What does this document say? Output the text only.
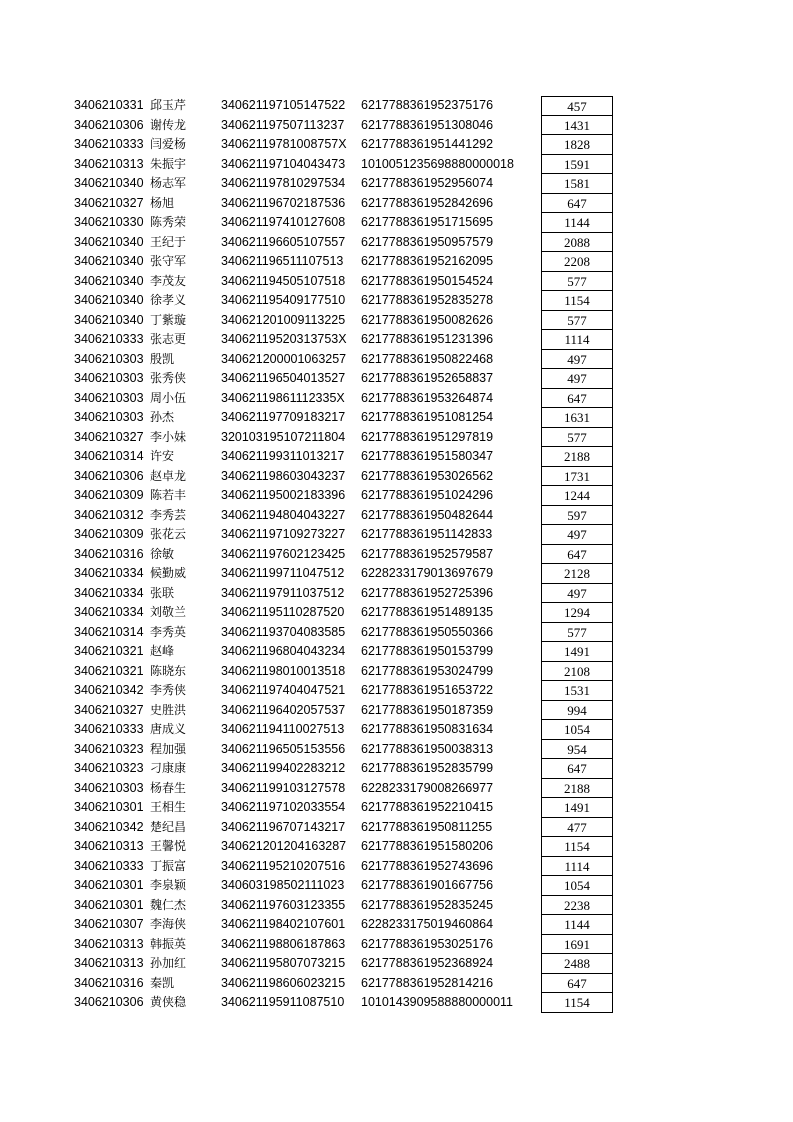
3406210331 邱玉芹	340621197105147522 6217788361952375176	457
3406210306 谢传龙	340621197507113237 6217788361951308046	1431
3406210333 闫爱杨	34062119781008757X 6217788361951441292	1828
3406210313 朱振宇	340621197104043473 1010051235698880000018	1591
3406210340 杨志军	340621197810297534 6217788361952956074	1581
3406210327 杨旭	340621196702187536 6217788361952842696	647
3406210330 陈秀荣	340621197410127608 6217788361951715695	1144
3406210340 王纪于	340621196605107557 6217788361950957579	2088
3406210340 张守军	340621196511107513 6217788361952162095	2208
3406210340 李茂友	340621194505107518 6217788361950154524	577
3406210340 徐孝义	340621195409177510 6217788361952835278	1154
3406210340 丁紫璇	340621201009113225 6217788361950082626	577
3406210333 张志更	34062119520313753X 6217788361951231396	1114
3406210303 殷凯	340621200001063257 6217788361950822468	497
3406210303 张秀侠	340621196504013527 6217788361952658837	497
3406210303 周小伍	34062119861112335X 6217788361953264874	647
3406210303 孙杰	340621197709183217 6217788361951081254	1631
3406210327 李小妹	320103195107211804 6217788361951297819	577
3406210314 许安	340621199311013217 6217788361951580347	2188
3406210306 赵卓龙	340621198603043237 6217788361953026562	1731
3406210309 陈若丰	340621195002183396 6217788361951024296	1244
3406210312 李秀芸	340621194804043227 6217788361950482644	597
3406210309 张花云	340621197109273227 6217788361951142833	497
3406210316 徐敏	340621197602123425 6217788361952579587	647
3406210334 候勤威	340621199711047512 6228233179013697679	2128
3406210334 张联	340621197911037512 6217788361952725396	497
3406210334 刘敬兰	340621195110287520 6217788361951489135	1294
3406210314 李秀英	340621193704083585 6217788361950550366	577
3406210321 赵峰	340621196804043234 6217788361950153799	1491
3406210321 陈晓东	340621198010013518 6217788361953024799	2108
3406210342 李秀侠	340621197404047521 6217788361951653722	1531
3406210327 史胜洪	340621196402057537 6217788361950187359	994
3406210333 唐成义	340621194110027513 6217788361950831634	1054
3406210323 程加强	340621196505153556 6217788361950038313	954
3406210323 刁康康	340621199402283212 6217788361952835799	647
3406210303 杨春生	340621199103127578 6228233179008266977	2188
3406210301 王相生	340621197102033554 6217788361952210415	1491
3406210342 楚纪昌	340621196707143217 6217788361950811255	477
3406210313 王馨悦	340621201204163287 6217788361951580206	1154
3406210333 丁振富	340621195210207516 6217788361952743696	1114
3406210301 李泉颖	340603198502111023 6217788361901667756	1054
3406210301 魏仁杰	340621197603123355 6217788361952835245	2238
3406210307 李海侠	340621198402107601 6228233175019460864	1144
3406210313 韩振英	340621198806187863 6217788361953025176	1691
3406210313 孙加红	340621195807073215 6217788361952368924	2488
3406210316 秦凯	340621198606023215 6217788361952814216	647
3406210306 黄侠稳	340621195911087510 1010143909588880000011	1154
